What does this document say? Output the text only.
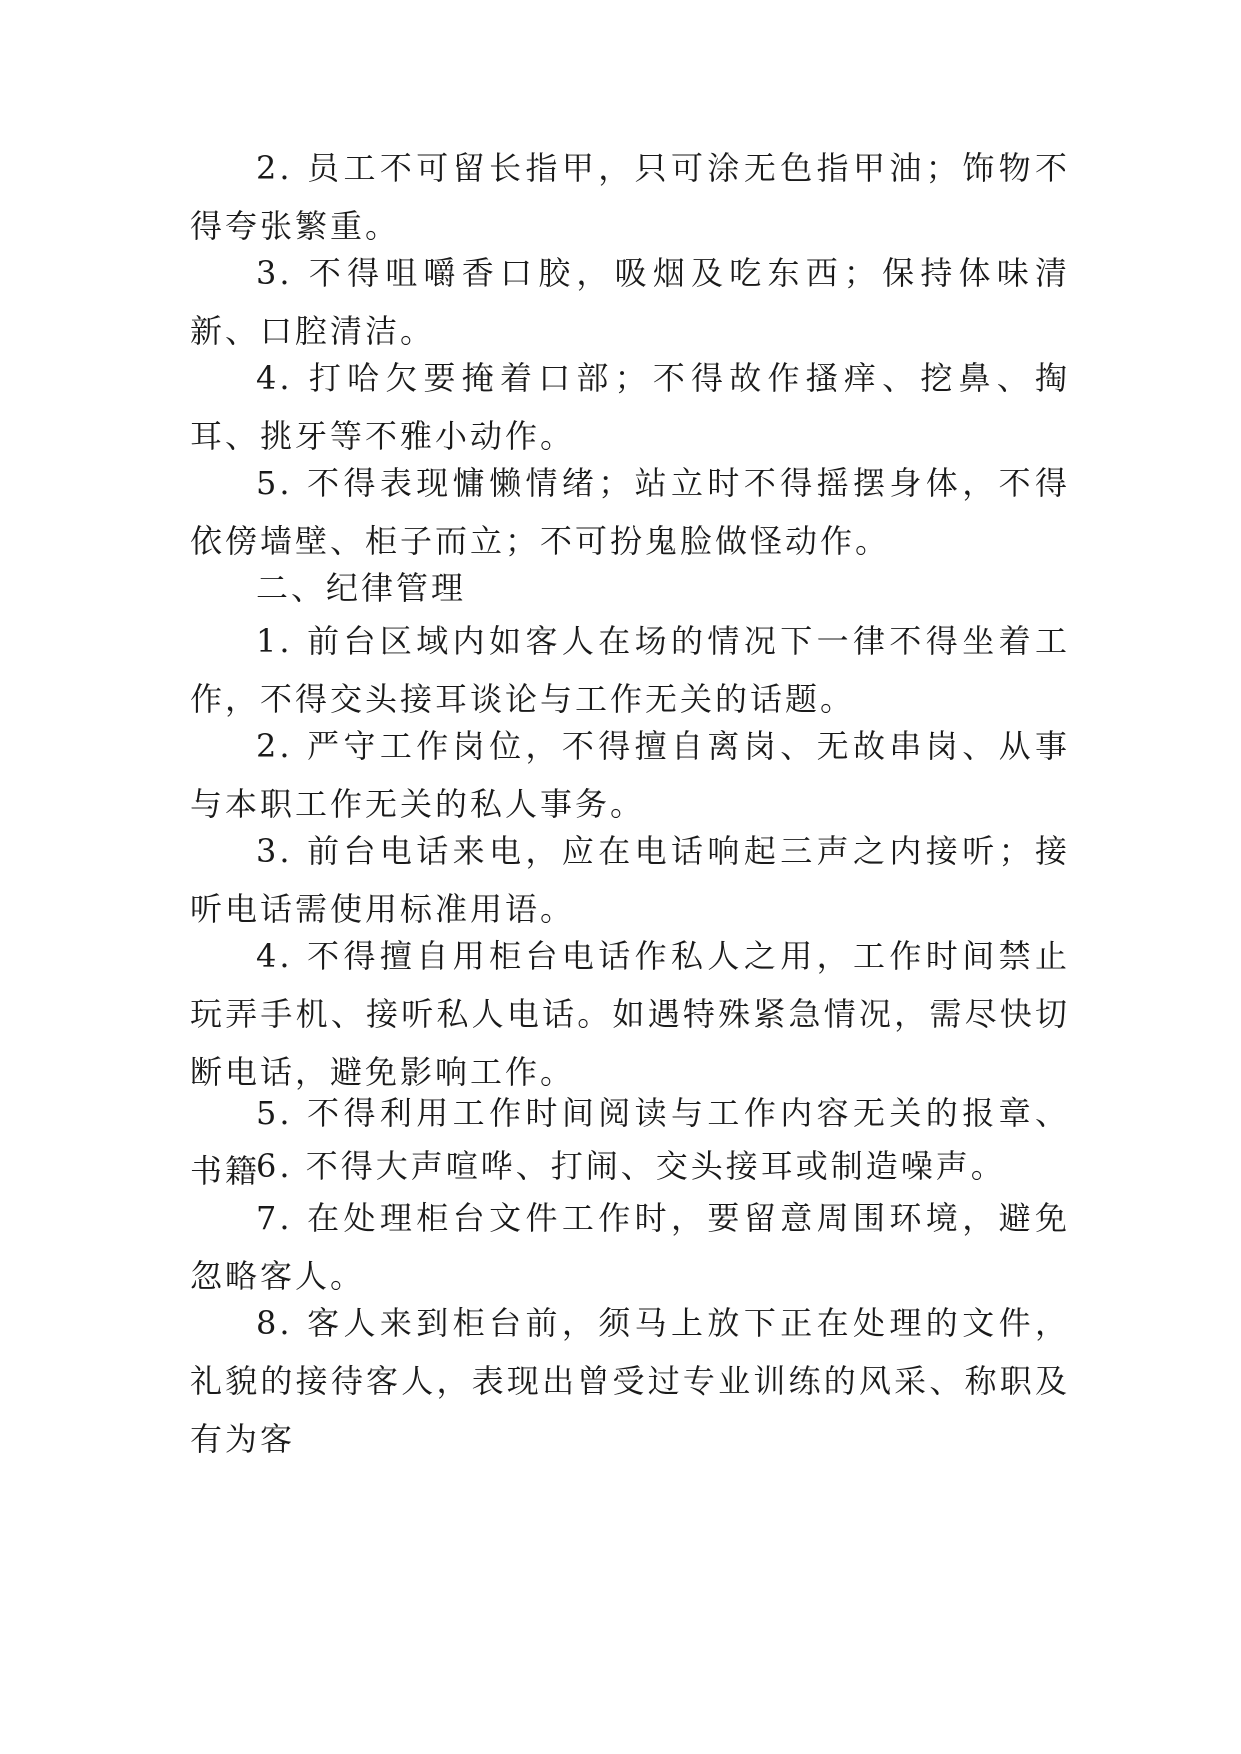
2. 员工不可留长指甲，只可涂无色指甲油；饰物不得夸张繁重。

3. 不得咀嚼香口胶，吸烟及吃东西；保持体味清新、口腔清洁。

4. 打哈欠要掩着口部；不得故作搔痒、挖鼻、掏耳、挑牙等不雅小动作。

5. 不得表现慵懒情绪；站立时不得摇摆身体，不得依傍墙壁、柜子而立；不可扮鬼脸做怪动作。

二、纪律管理

1. 前台区域内如客人在场的情况下一律不得坐着工作，不得交头接耳谈论与工作无关的话题。

2. 严守工作岗位，不得擅自离岗、无故串岗、从事与本职工作无关的私人事务。

3. 前台电话来电，应在电话响起三声之内接听；接听电话需使用标准用语。

4. 不得擅自用柜台电话作私人之用，工作时间禁止玩弄手机、接听私人电话。如遇特殊紧急情况，需尽快切断电话，避免影响工作。

5. 不得利用工作时间阅读与工作内容无关的报章、书籍

6. 不得大声喧哗、打闹、交头接耳或制造噪声。

7. 在处理柜台文件工作时，要留意周围环境，避免忽略客人。

8. 客人来到柜台前，须马上放下正在处理的文件，礼貌的接待客人，表现出曾受过专业训练的风采、称职及有为客
